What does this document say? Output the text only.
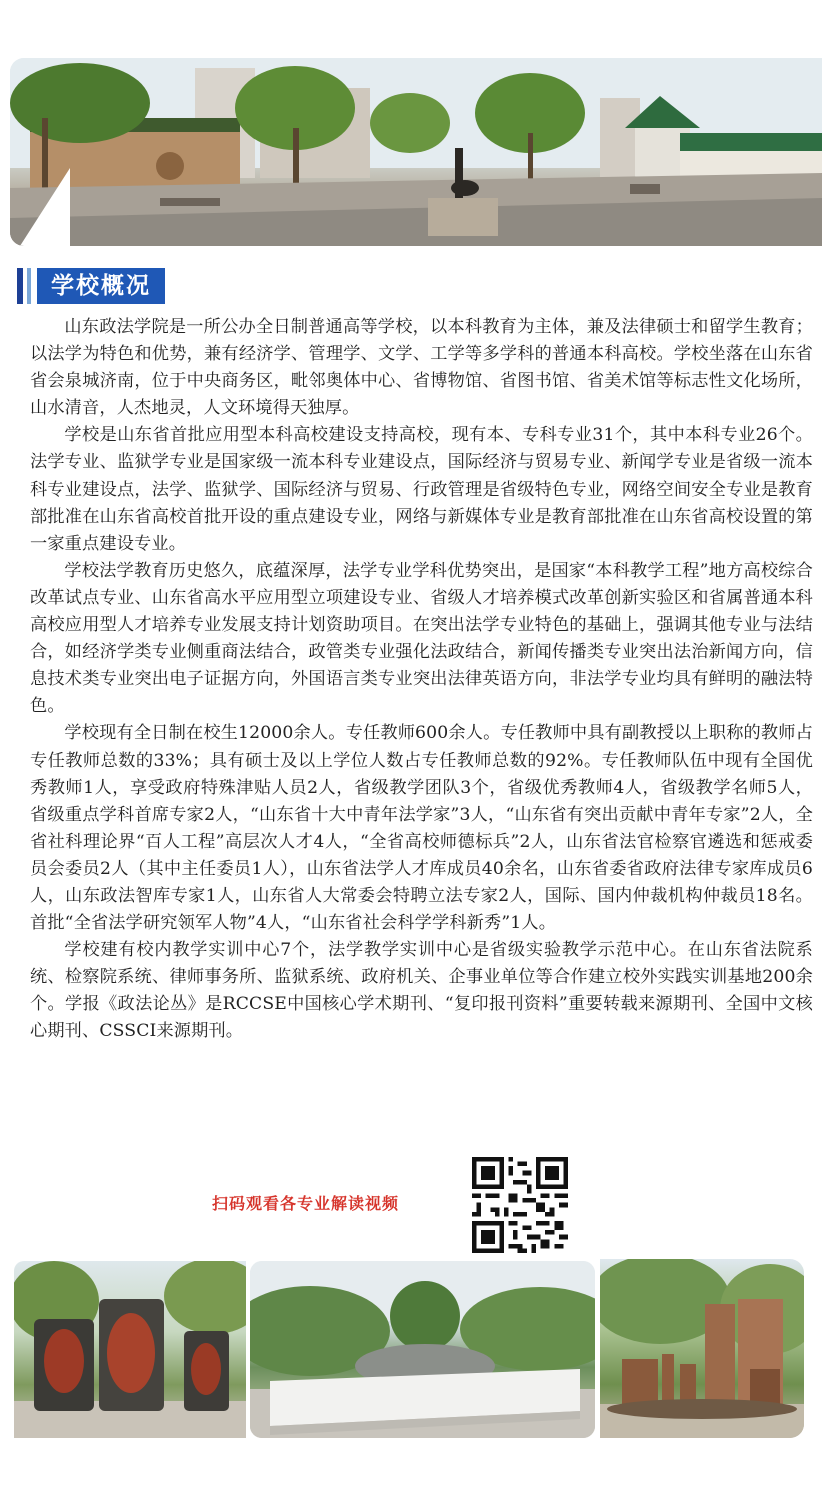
学校概况

山东政法学院是一所公办全日制普通高等学校，以本科教育为主体，兼及法律硕士和留学生教育；以法学为特色和优势，兼有经济学、管理学、文学、工学等多学科的普通本科高校。学校坐落在山东省省会泉城济南，位于中央商务区，毗邻奥体中心、省博物馆、省图书馆、省美术馆等标志性文化场所，山水清音，人杰地灵，人文环境得天独厚。

学校是山东省首批应用型本科高校建设支持高校，现有本、专科专业31个，其中本科专业26个。法学专业、监狱学专业是国家级一流本科专业建设点，国际经济与贸易专业、新闻学专业是省级一流本科专业建设点，法学、监狱学、国际经济与贸易、行政管理是省级特色专业，网络空间安全专业是教育部批准在山东省高校首批开设的重点建设专业，网络与新媒体专业是教育部批准在山东省高校设置的第一家重点建设专业。

学校法学教育历史悠久，底蕴深厚，法学专业学科优势突出，是国家“本科教学工程”地方高校综合改革试点专业、山东省高水平应用型立项建设专业、省级人才培养模式改革创新实验区和省属普通本科高校应用型人才培养专业发展支持计划资助项目。在突出法学专业特色的基础上，强调其他专业与法结合，如经济学类专业侧重商法结合，政管类专业强化法政结合，新闻传播类专业突出法治新闻方向，信息技术类专业突出电子证据方向，外国语言类专业突出法律英语方向，非法学专业均具有鲜明的融法特色。

学校现有全日制在校生12000余人。专任教师600余人。专任教师中具有副教授以上职称的教师占专任教师总数的33%；具有硕士及以上学位人数占专任教师总数的92%。专任教师队伍中现有全国优秀教师1人，享受政府特殊津贴人员2人，省级教学团队3个，省级优秀教师4人，省级教学名师5人，省级重点学科首席专家2人，“山东省十大中青年法学家”3人，“山东省有突出贡献中青年专家”2人，全省社科理论界“百人工程”高层次人才4人，“全省高校师德标兵”2人，山东省法官检察官遴选和惩戒委员会委员2人（其中主任委员1人），山东省法学人才库成员40余名，山东省委省政府法律专家库成员6人，山东政法智库专家1人，山东省人大常委会特聘立法专家2人，国际、国内仲裁机构仲裁员18名。首批“全省法学研究领军人物”4人，“山东省社会科学学科新秀”1人。

学校建有校内教学实训中心7个，法学教学实训中心是省级实验教学示范中心。在山东省法院系统、检察院系统、律师事务所、监狱系统、政府机关、企事业单位等合作建立校外实践实训基地200余个。学报《政法论丛》是RCCSE中国核心学术期刊、“复印报刊资料”重要转载来源期刊、全国中文核心期刊、CSSCI来源期刊。

扫码观看各专业解读视频
